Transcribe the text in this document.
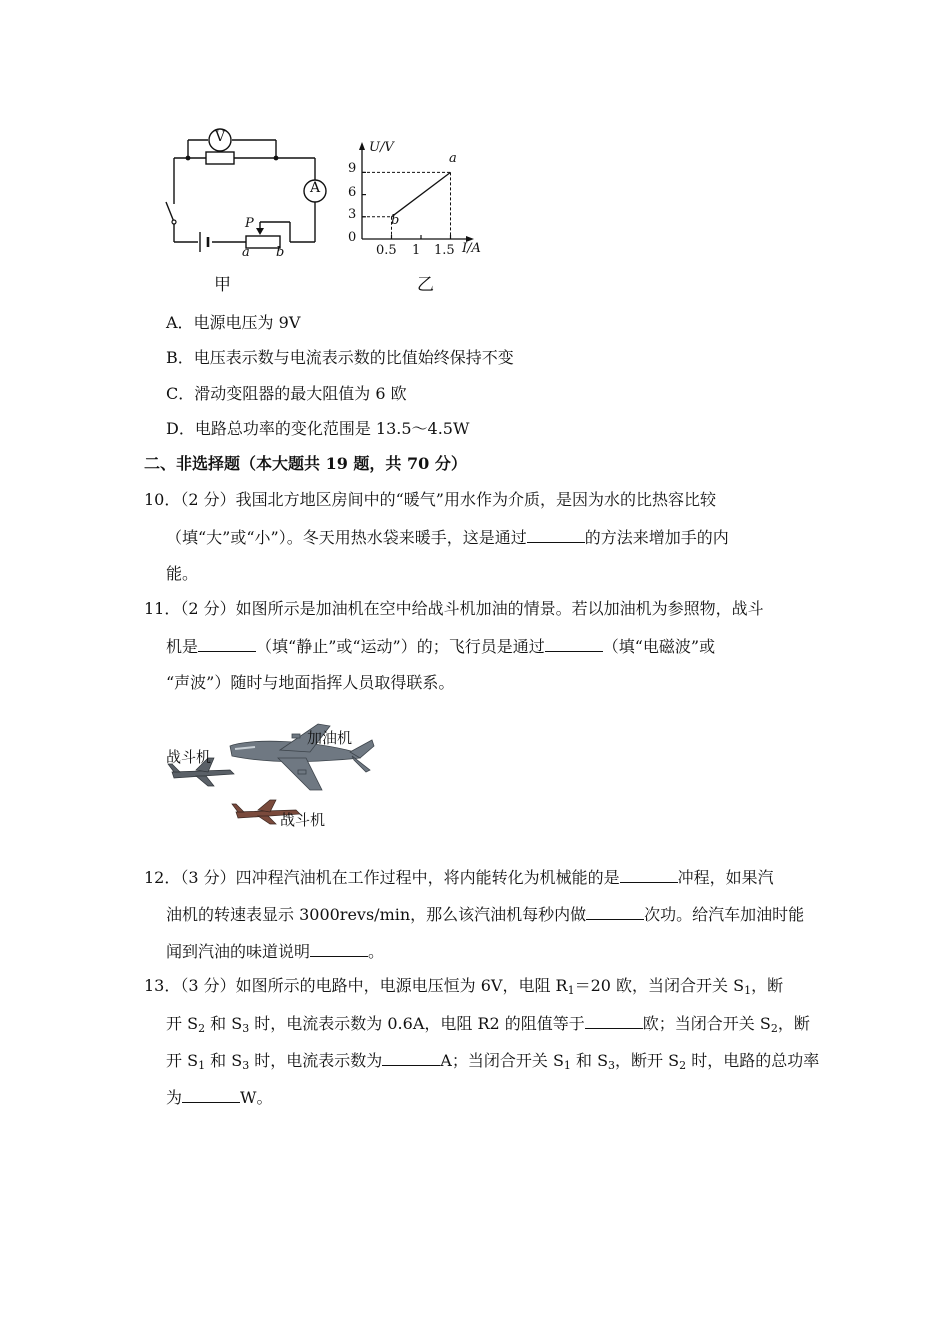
V
A
P
a b
甲
U/V
I/A
9
6
3
0
0.5 1 1.5
a
b
乙
A．电源电压为 9V
B．电压表示数与电流表示数的比值始终保持不变
C．滑动变阻器的最大阻值为 6 欧
D．电路总功率的变化范围是 13.5～4.5W
二、非选择题（本大题共 19 题，共 70 分）
10．（2 分）我国北方地区房间中的“暖气”用水作为介质，是因为水的比热容比较
（填“大”或“小”）。冬天用热水袋来暖手，这是通过	的方法来增加手的内
能。
11．（2 分）如图所示是加油机在空中给战斗机加油的情景。若以加油机为参照物，战斗
机是	（填“静止”或“运动”）的；飞行员是通过	（填“电磁波”或
“声波”）随时与地面指挥人员取得联系。
战斗机
加油机
战斗机
12．（3 分）四冲程汽油机在工作过程中，将内能转化为机械能的是	冲程，如果汽
油机的转速表显示 3000revs/min，那么该汽油机每秒内做	次功。给汽车加油时能
闻到汽油的味道说明	。
13．（3 分）如图所示的电路中，电源电压恒为 6V，电阻 $R_1=20$ 欧，当闭合开关 $S_1$，断
开 $S_2$ 和 $S_3$ 时，电流表示数为 0.6A，电阻 R2 的阻值等于	欧；当闭合开关 $S_2$，断
开 $S_1$ 和 $S_3$ 时，电流表示数为	A；当闭合开关 $S_1$ 和 $S_3$，断开 $S_2$ 时，电路的总功率
为	W。
